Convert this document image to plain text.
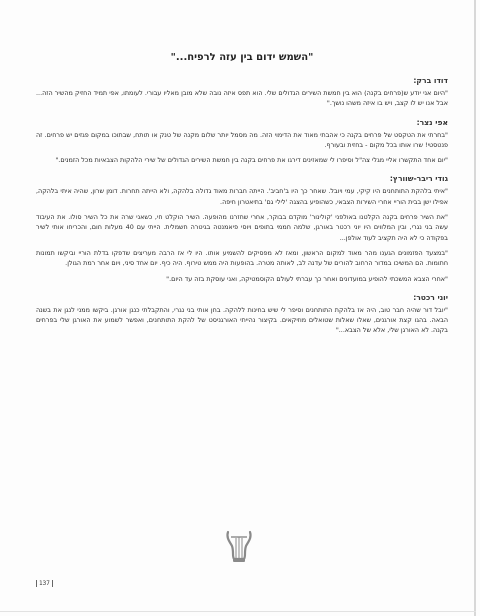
"השמש ידום בין עזה לרפיח..."
דודו ברק:

"היום אני יודע ש(פרחים בקנה) הוא בין חמשת השירים הגדולים שלי. הוא תפס איזה נובה שלא מובן מאליו עבורי. לעומתו, אפי תמיד החזיק מהשיר הזה... אבל אנו יש לו קצב, ויש בו איזה משהו נושך."

אפי נצר:

"בחרתי את הטקסט של פרחים בקנה כי אהבתי מאוד את הדימוי הזה. מה מסמל יותר שלום מקנה של טנק או תותח, שבתוכו במקום פגזים יש פרחים. זה פנטסטי! שרו אותו בכל מקום - בחזית ובעורף.

"יום אחד התקשרו אליי מגלי צה"ל וסיפרו לי שמאזינים דירגו את פרחים בקנה בין חמשת השירים הגדולים של שירי הלהקות הצבאיות מכל הזמנים."

גודי ריבר-שוורץ:

"איתי בלהקת התותחנים היו קיקי, עמי ויובל. שאחר כך היו ב'חביב'. הייתה חברות מאוד גדולה בלהקה, ולא הייתה תחרות. דומן שרון, שהיה איתי בלהקה, אפילו ישן בבית הוריי אחרי השירות הצבאי, כשהופיע בהצגה 'לילי גם' בתיאטרון חיפה.

"את השיר פרחים בקנה הקלטנו באולפני 'קולינור' מוקדם בבוקר, אחרי שחזרנו מהופעה. השיר הוקלט חי, כשאני שרה את כל השיר סולו. את העיבוד עשה בני נגרי, ובין המלווים היו יוני רכטר באורגן, שלמה חממי בתופים ויוסי פיאמנטה בגיטרה חשמלית. הייתי עם 40 מעלות חום, והכריחו אותי לשיר בפקודה כי לא היה תקציב לעוד אולפן...

"במצעד הפזמונים הגענו מהר מאוד למקום הראשון, ומאז לא מפסיקים להשמיע אותו. היו לי אז הרבה מעריצים שדפקו בדלת הוריי וביקשו תמונות חתומות. הם המשיכו במדור הרחוב להורים של עדנה לב, לאותה מטרה. בהופעות היה ממש טירוף. היה כיף. יום אחד סיני, ויום אחר רמת הגולן.

"אחרי הצבא המשכתי להופיע במועדונים ואחר כך עברתי לעולם הקוסמטיקה, ואני עוסקת בזה עד היום."

יוני רכטר:

"יובל דור שהיה חבר טוב, היה אז בלהקת התותחנים וסיפר לי שיש בחינות ללהקה. בחן אותי בני נגרי, והתקבלתי כנגן אורגן. ביקשו ממני לנגן את בשנה הבאה. בהגו קצת אורגנים, שאלו שאלות שטואלים מוזיקאים. בקיצור נהייתי האורגניסט של להקת התותחנים, ואפשר לשמוע את האורגן שלי בפרחים בקנה. לא האורגן שלי, אלא של הצבא..."

137
